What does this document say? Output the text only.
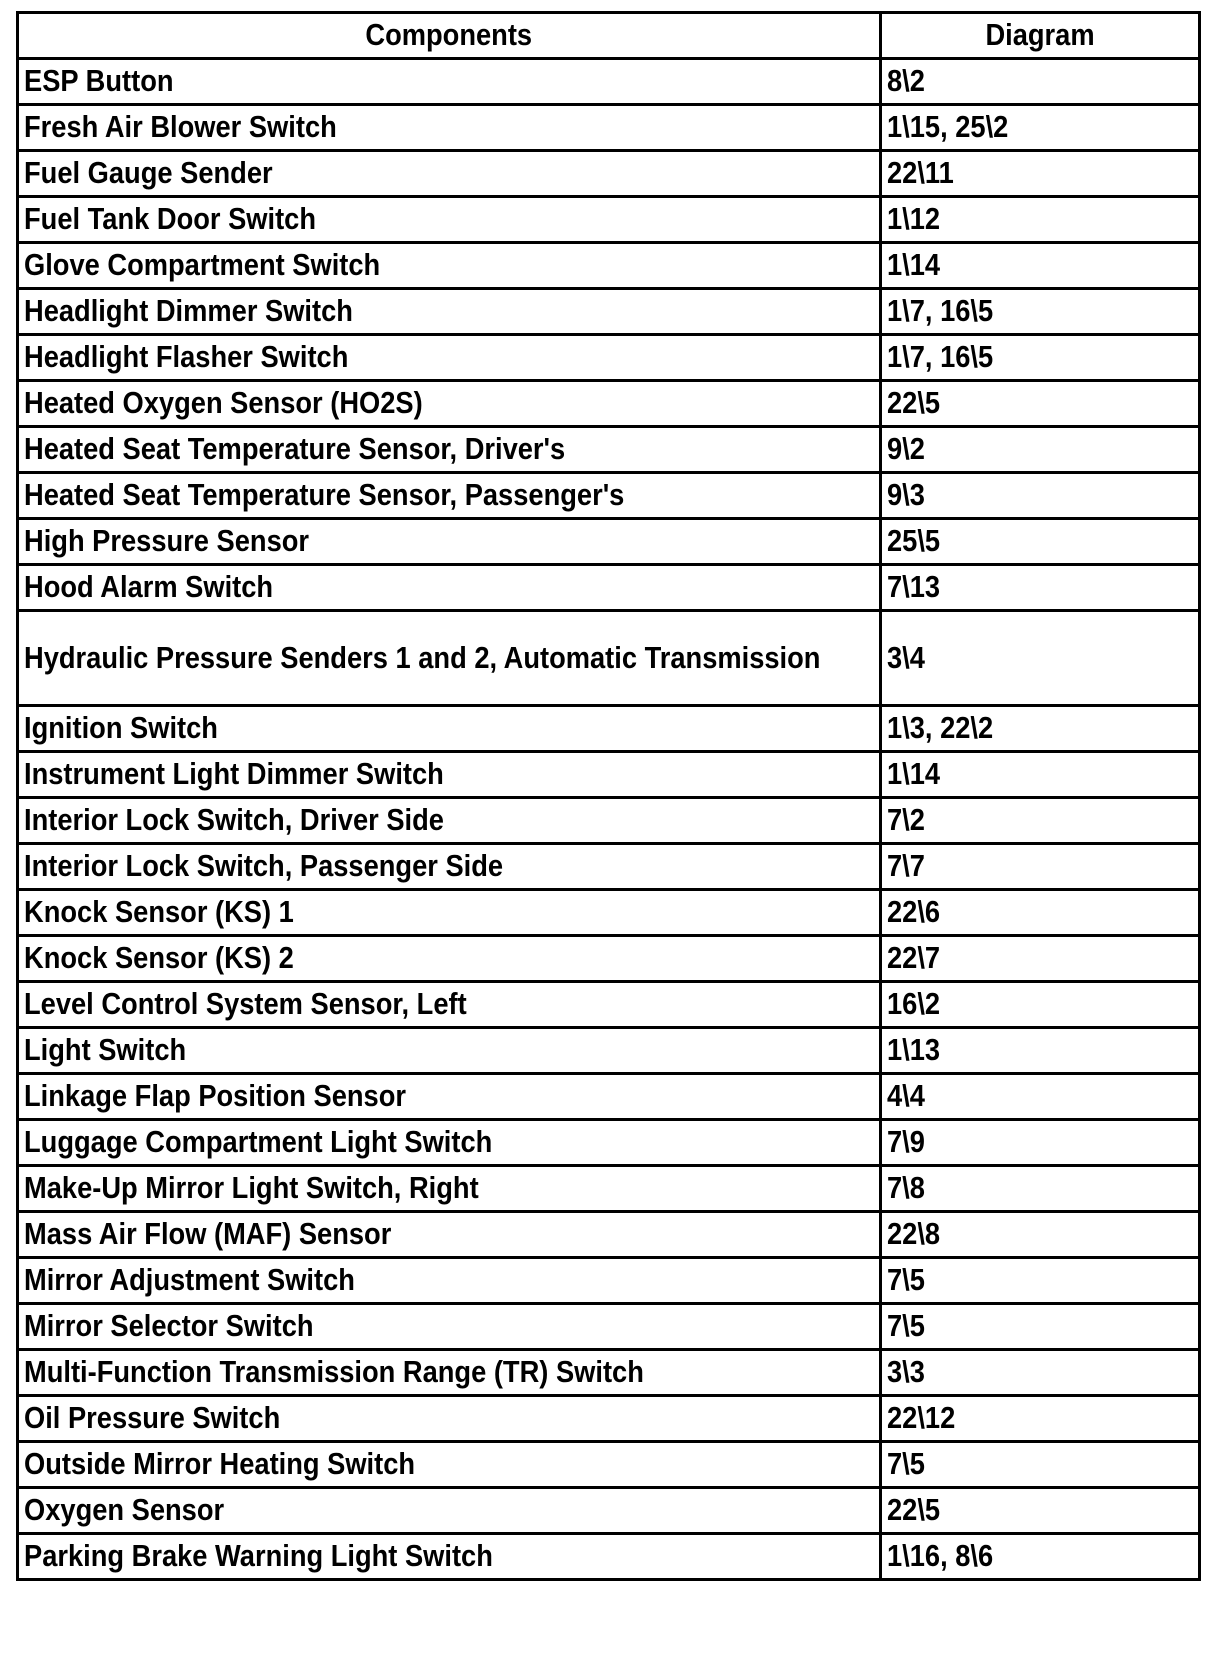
Components	Diagram
ESP Button	8\2
Fresh Air Blower Switch	1\15, 25\2
Fuel Gauge Sender	22\11
Fuel Tank Door Switch	1\12
Glove Compartment Switch	1\14
Headlight Dimmer Switch	1\7, 16\5
Headlight Flasher Switch	1\7, 16\5
Heated Oxygen Sensor (HO2S)	22\5
Heated Seat Temperature Sensor, Driver's	9\2
Heated Seat Temperature Sensor, Passenger's	9\3
High Pressure Sensor	25\5
Hood Alarm Switch	7\13
Hydraulic Pressure Senders 1 and 2, Automatic Transmission	3\4
Ignition Switch	1\3, 22\2
Instrument Light Dimmer Switch	1\14
Interior Lock Switch, Driver Side	7\2
Interior Lock Switch, Passenger Side	7\7
Knock Sensor (KS) 1	22\6
Knock Sensor (KS) 2	22\7
Level Control System Sensor, Left	16\2
Light Switch	1\13
Linkage Flap Position Sensor	4\4
Luggage Compartment Light Switch	7\9
Make-Up Mirror Light Switch, Right	7\8
Mass Air Flow (MAF) Sensor	22\8
Mirror Adjustment Switch	7\5
Mirror Selector Switch	7\5
Multi-Function Transmission Range (TR) Switch	3\3
Oil Pressure Switch	22\12
Outside Mirror Heating Switch	7\5
Oxygen Sensor	22\5
Parking Brake Warning Light Switch	1\16, 8\6
